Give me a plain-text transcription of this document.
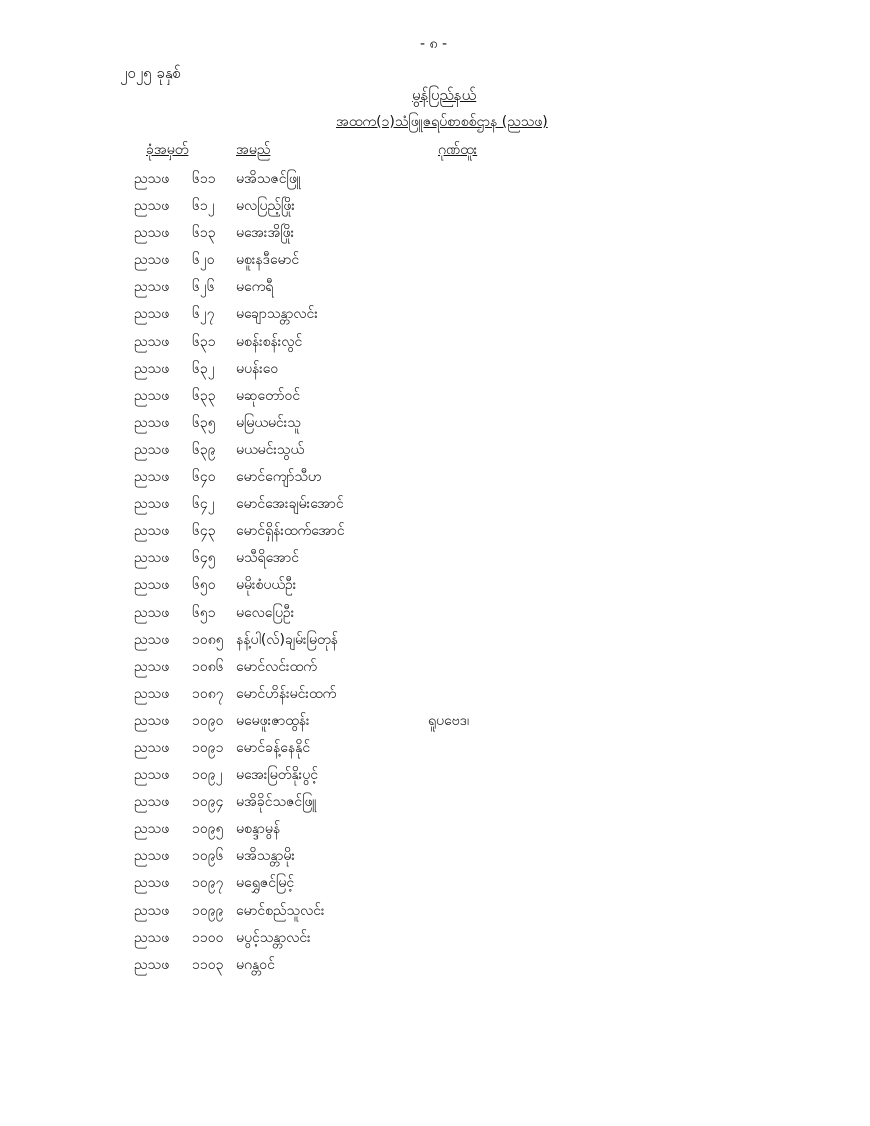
- ၈ -
၂၀၂၅ ခုနှစ်
မွန်ပြည်နယ်
အထက(၁)သံဖြူဇရပ်စာစစ်ဌာန (ညသဖ)
ခုံအမှတ်	အမည်	ဂုဏ်ထူး
ညသဖ ၆၁၁ မအိသဇင်ဖြူ
ညသဖ ၆၁၂ မလပြည့်ဖြိုး
ညသဖ ၆၁၃ မအေးအိဖြိုး
ညသဖ ၆၂၀ မစူးနဒီမောင်
ညသဖ ၆၂၆ မကေရီ
ညသဖ ၆၂၇ မချောသန္တာလင်း
ညသဖ ၆၃၁ မစန်းစန်းလွင်
ညသဖ ၆၃၂ မပန်းဝေ
ညသဖ ၆၃၃ မဆုတော်ဝင်
ညသဖ ၆၃၅ မမြယမင်းသူ
ညသဖ ၆၃၉ မယမင်းသွယ်
ညသဖ ၆၄၀ မောင်ကျော်သီဟ
ညသဖ ၆၄၂ မောင်အေးချမ်းအောင်
ညသဖ ၆၄၃ မောင်ရှိန်းထက်အောင်
ညသဖ ၆၄၅ မသီရိအောင်
ညသဖ ၆၅၀ မမိုးစံပယ်ဦး
ညသဖ ၆၅၁ မလေပြေဦး
ညသဖ ၁၀၈၅ နန့်ပါ(လ်)ချမ်းမြတုန်
ညသဖ ၁၀၈၆ မောင်လင်းထက်
ညသဖ ၁၀၈၇ မောင်ဟိန်းမင်းထက်
ညသဖ ၁၀၉၀ မမေဖူးဇာထွန်း	ရူပဗေဒ၊
ညသဖ ၁၀၉၁ မောင်ခန့်နေနိုင်
ညသဖ ၁၀၉၂ မအေးမြတ်နိုးပွင့်
ညသဖ ၁၀၉၄ မအိခိုင်သဇင်ဖြူ
ညသဖ ၁၀၉၅ မစန္ဒာမွန်
ညသဖ ၁၀၉၆ မအိသန္တာမိုး
ညသဖ ၁၀၉၇ မရွှေဇင်မြင့်
ညသဖ ၁၀၉၉ မောင်စည်သူလင်း
ညသဖ ၁၁၀၀ မပွင့်သန္တာလင်း
ညသဖ ၁၁၀၃ မဂန္တဝင်
